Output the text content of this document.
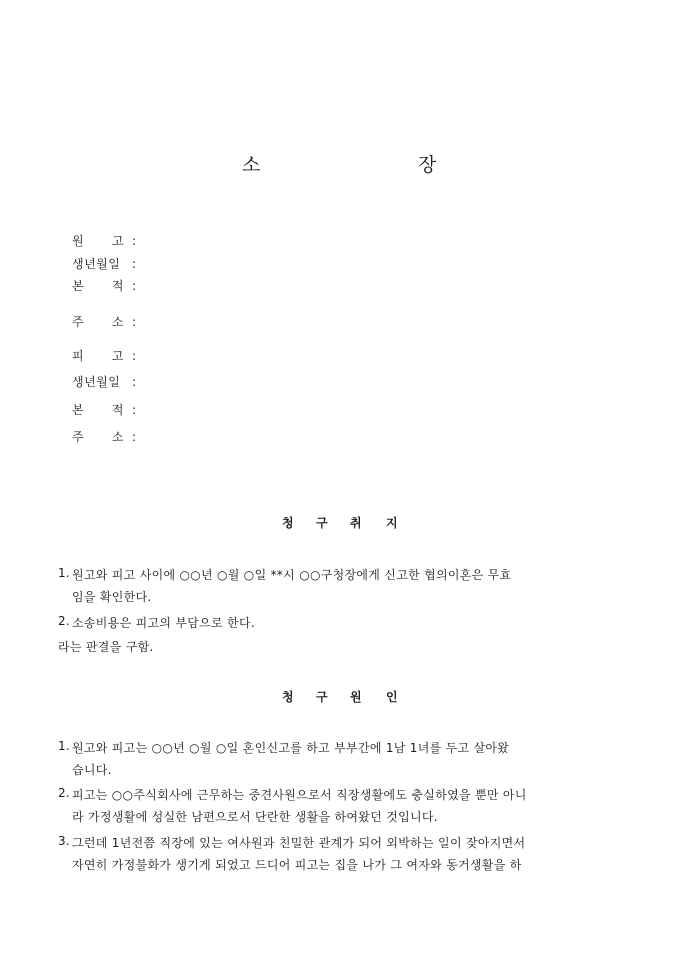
소	장
원 고 :
생년월일 :
본 적 :
주 소 :
피 고 :
생년월일 :
본 적 :
주 소 :
청 구 취 지
1. 원고와 피고 사이에 ○○년 ○월 ○일 **시 ○○구청장에게 신고한 협의이혼은 무효
임을 확인한다.
2. 소송비용은 피고의 부담으로 한다.
라는 판결을 구함.
청 구 원 인
1. 원고와 피고는 ○○년 ○월 ○일 혼인신고를 하고 부부간에 1남 1녀를 두고 살아왔
습니다.
2. 피고는 ○○주식회사에 근무하는 중견사원으로서 직장생활에도 충실하였을 뿐만 아니
라 가정생활에 성실한 남편으로서 단란한 생활을 하여왔던 것입니다.
3. 그런데 1년전쯤 직장에 있는 여사원과 친밀한 관계가 되어 외박하는 일이 잦아지면서
자연히 가정불화가 생기게 되었고 드디어 피고는 집을 나가 그 여자와 동거생활을 하
